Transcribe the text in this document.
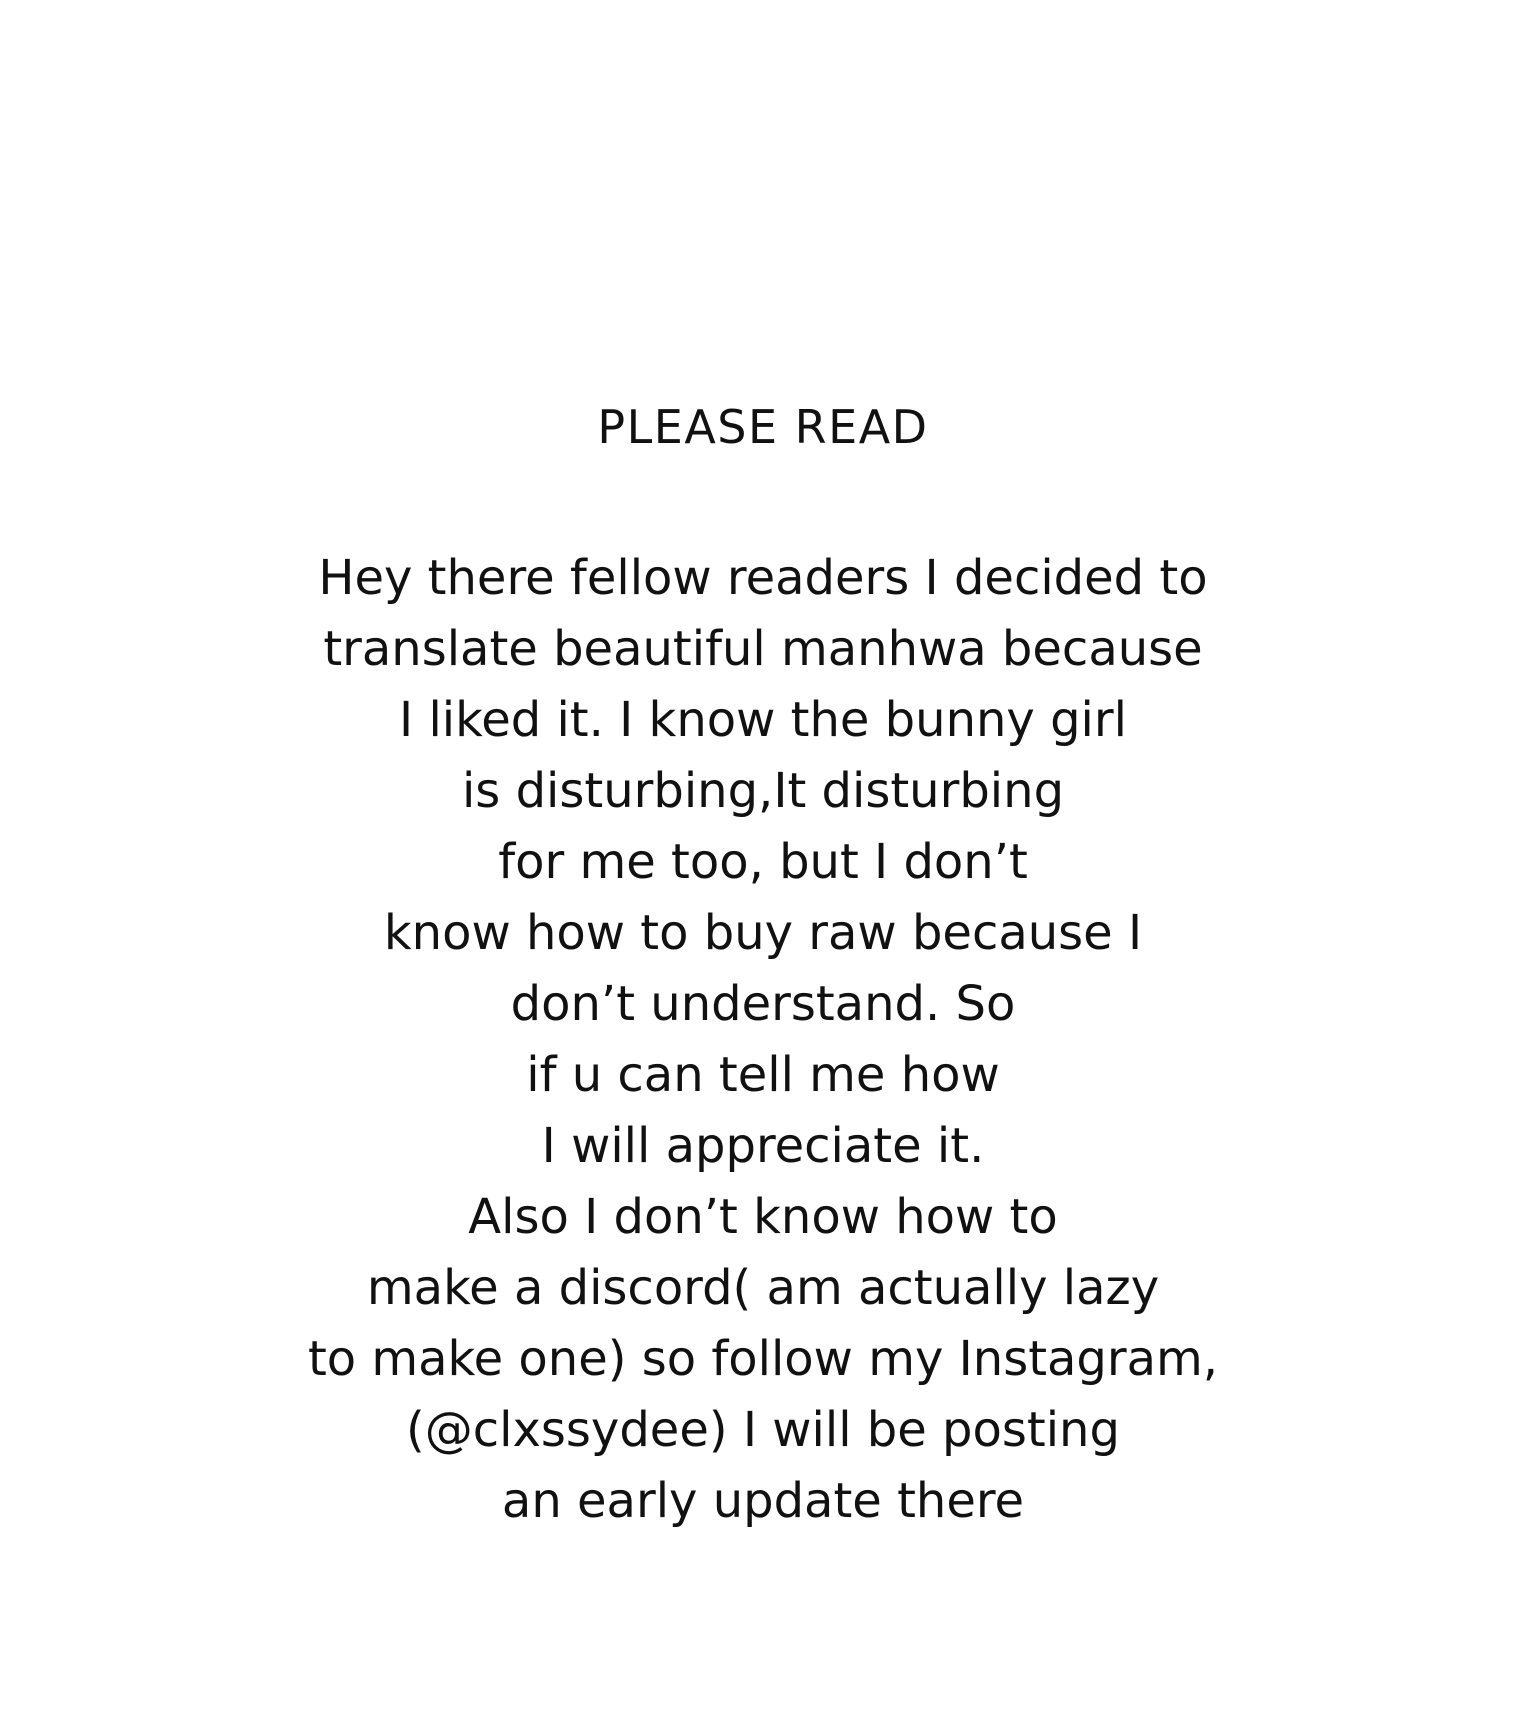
PLEASE READ
Hey there fellow readers I decided to
translate beautiful manhwa because
I liked it. I know the bunny girl
is disturbing,It disturbing
for me too, but I don’t
know how to buy raw because I
don’t understand. So
if u can tell me how
I will appreciate it.
Also I don’t know how to
make a discord( am actually lazy
to make one) so follow my Instagram,
(@clxssydee) I will be posting
an early update there
